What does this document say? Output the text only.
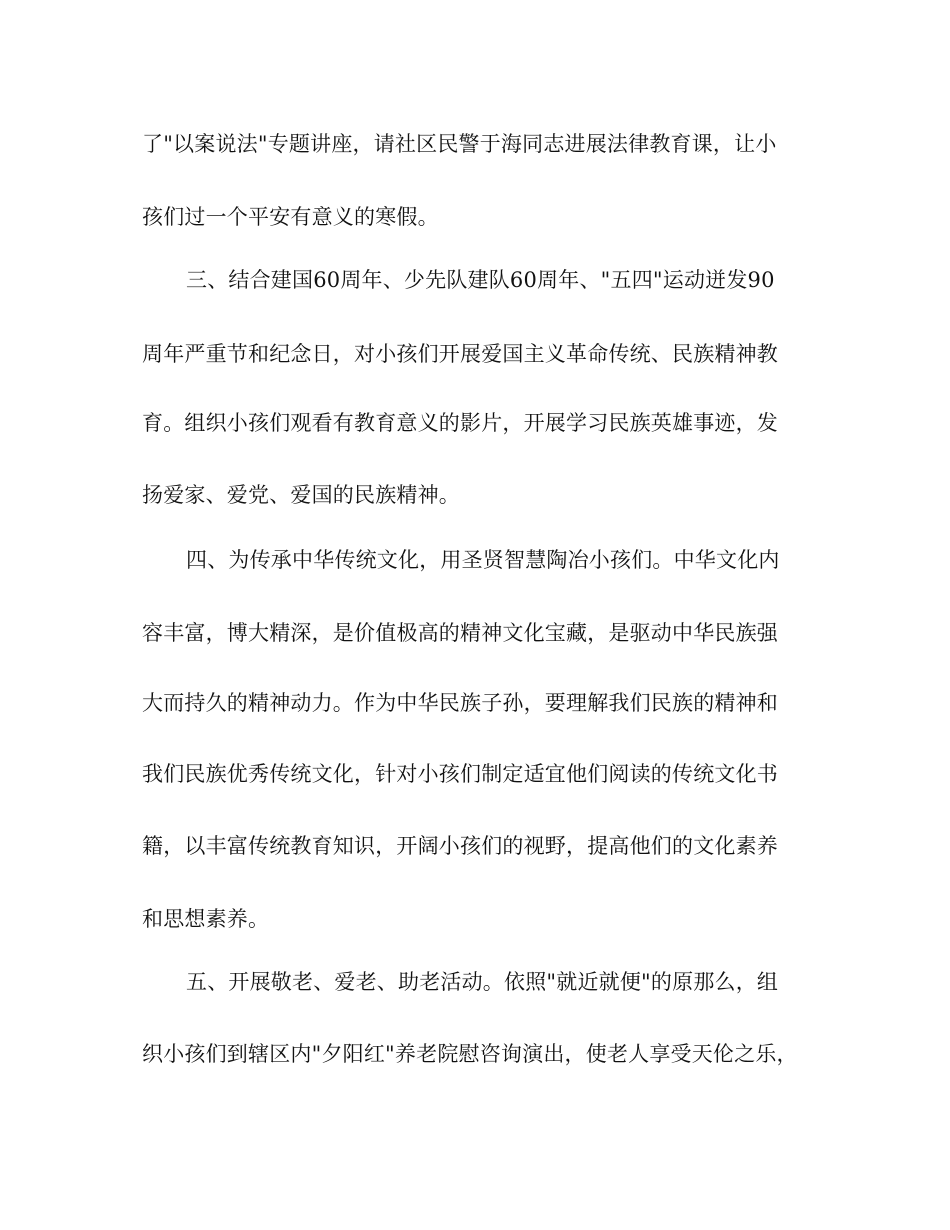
了"以案说法"专题讲座，请社区民警于海同志进展法律教育课，让小
孩们过一个平安有意义的寒假。
三、结合建国60周年、少先队建队60周年、"五四"运动迸发90
周年严重节和纪念日，对小孩们开展爱国主义革命传统、民族精神教
育。组织小孩们观看有教育意义的影片，开展学习民族英雄事迹，发
扬爱家、爱党、爱国的民族精神。
四、为传承中华传统文化，用圣贤智慧陶冶小孩们。中华文化内
容丰富，博大精深，是价值极高的精神文化宝藏，是驱动中华民族强
大而持久的精神动力。作为中华民族子孙，要理解我们民族的精神和
我们民族优秀传统文化，针对小孩们制定适宜他们阅读的传统文化书
籍，以丰富传统教育知识，开阔小孩们的视野，提高他们的文化素养
和思想素养。
五、开展敬老、爱老、助老活动。依照"就近就便"的原那么，组
织小孩们到辖区内"夕阳红"养老院慰咨询演出，使老人享受天伦之乐，
